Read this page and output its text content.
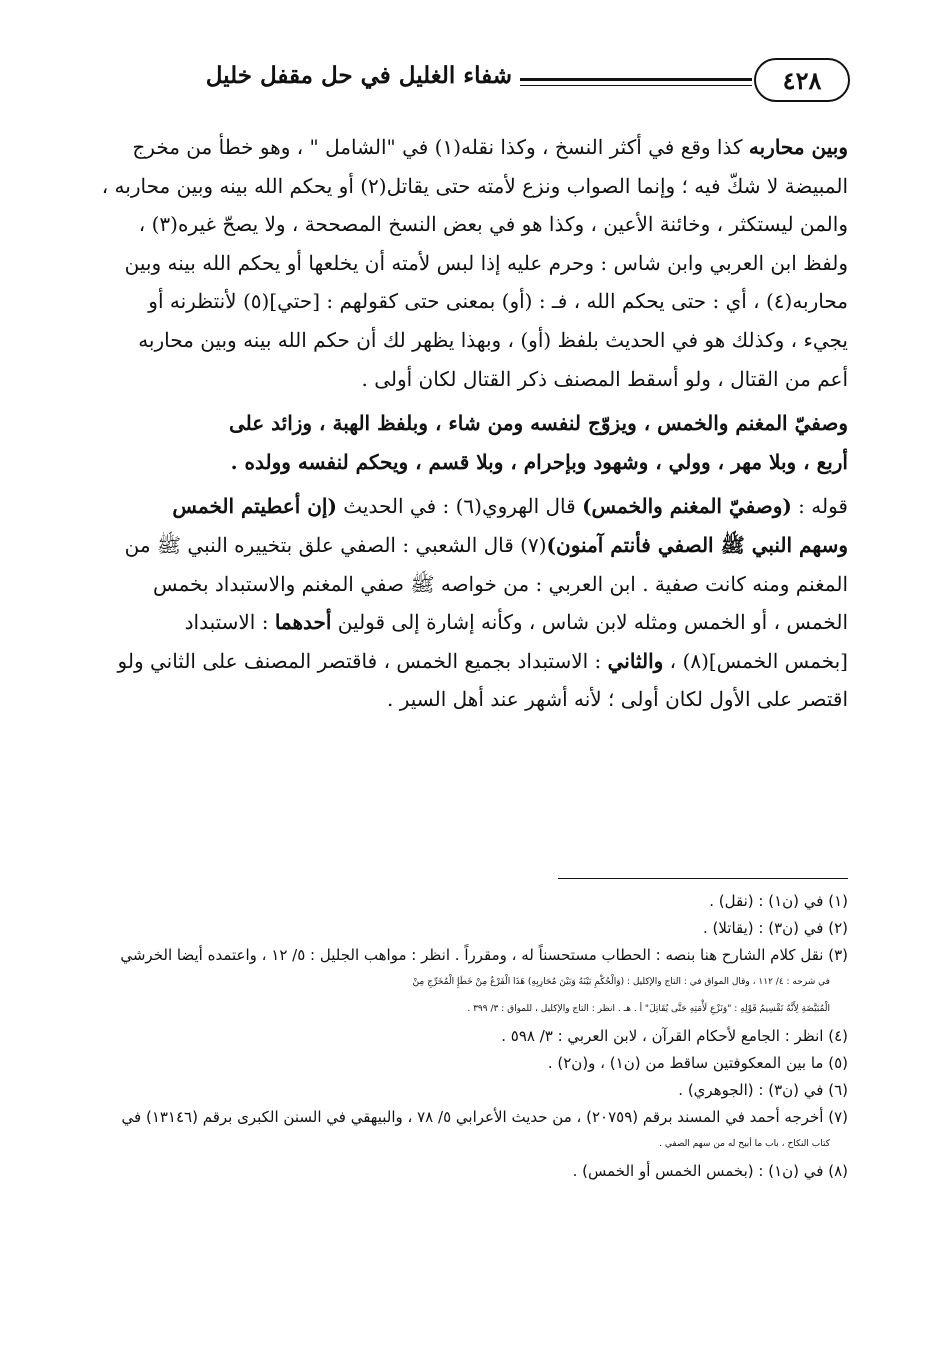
٤٢٨
شفاء الغليل في حل مقفل خليل

وبين محاربه كذا وقع في أكثر النسخ ، وكذا نقله(١) في "الشامل " ، وهو خطأ من مخرج

المبيضة لا شكّ فيه ؛ وإنما الصواب ونزع لأمته حتى يقاتل(٢) أو يحكم الله بينه وبين محاربه ،

والمن ليستكثر ، وخائنة الأعين ، وكذا هو في بعض النسخ المصححة ، ولا يصحّ غيره(٣) ،

ولفظ ابن العربي وابن شاس : وحرم عليه إذا لبس لأمته أن يخلعها أو يحكم الله بينه وبين

محاربه(٤) ، أي : حتى يحكم الله ، فـ : (أو) بمعنى حتى كقولهم : [حتي](٥) لأنتظرنه أو

يجيء ، وكذلك هو في الحديث بلفظ (أو) ، وبهذا يظهر لك أن حكم الله بينه وبين محاربه

أعم من القتال ، ولو أسقط المصنف ذكر القتال لكان أولى .

وصفيّ المغنم والخمس ، ويزوّج لنفسه ومن شاء ، وبلفظ الهبة ، وزائد على

أربع ، وبلا مهر ، وولي ، وشهود وبإحرام ، وبلا قسم ، ويحكم لنفسه وولده .

قوله : (وصفيّ المغنم والخمس) قال الهروي(٦) : في الحديث (إن أعطيتم الخمس

وسهم النبي ﷺ الصفي فأنتم آمنون)(٧) قال الشعبي : الصفي علق بتخييره النبي ﷺ من

المغنم ومنه كانت صفية . ابن العربي : من خواصه ﷺ صفي المغنم والاستبداد بخمس

الخمس ، أو الخمس ومثله لابن شاس ، وكأنه إشارة إلى قولين أحدهما : الاستبداد

[بخمس الخمس](٨) ، والثاني : الاستبداد بجميع الخمس ، فاقتصر المصنف على الثاني ولو

اقتصر على الأول لكان أولى ؛ لأنه أشهر عند أهل السير .

(١) في (ن١) : (نقل) .

(٢) في (ن٣) : (يقاتلا) .

(٣) نقل كلام الشارح هنا بنصه : الحطاب مستحسناً له ، ومقرراً . انظر : مواهب الجليل : ٥/ ١٢ ، واعتمده أيضا الخرشي

في شرحه : ٤/ ١١٢ ، وقال المواق في : التاج والإكليل : (وَالْحُكْمِ بَيْنَهُ وَبَيْنَ مُحَارِبِهِ) هَذَا الْفَرْعُ مِنْ خَطَإِ الْمُخَرِّجِ مِنْ

الْمُبَيَّضَةِ لِأَنَّهُ تَقْسِيمُ قَوْلِهِ : "وَنَزْعِ لَأْمَتِهِ حَتَّى يُقَاتِلَ" أ . هـ . انظر : التاج والإكليل ، للمواق : ٣/ ٣٩٩ .

(٤) انظر : الجامع لأحكام القرآن ، لابن العربي : ٣/ ٥٩٨ .

(٥) ما بين المعكوفتين ساقط من (ن١) ، و(ن٢) .

(٦) في (ن٣) : (الجوهري) .

(٧) أخرجه أحمد في المسند برقم (٢٠٧٥٩) ، من حديث الأعرابي ٥/ ٧٨ ، والبيهقي في السنن الكبرى برقم (١٣١٤٦) في

كتاب النكاح ، باب ما أبيح له من سهم الصفي .

(٨) في (ن١) : (بخمس الخمس أو الخمس) .
